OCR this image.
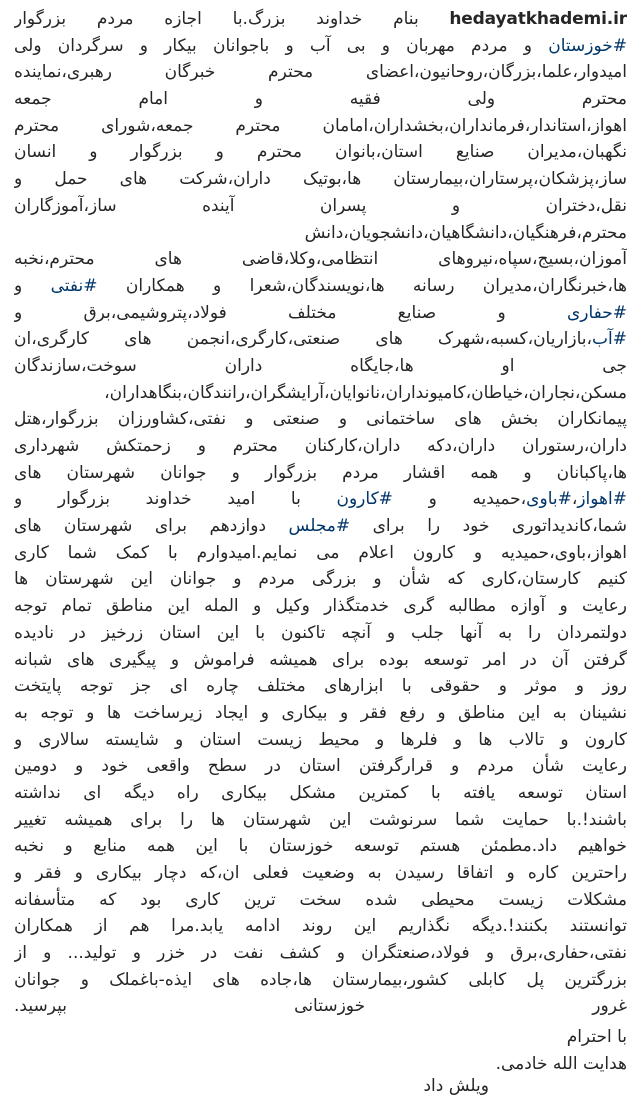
hedayatkhademi.ir بنام خداوند بزرگ.با اجازه مردم بزرگوار
#خوزستان و مردم مهربان و بی آب و باجوانان بیکار و سرگردان ولی
امیدوار،علما،بزرگان،روحانیون،اعضای محترم خبرگان رهبری،نماینده
محترم ولی فقیه و امام جمعه
اهواز،استاندار،فرمانداران،بخشداران،امامان محترم جمعه،شورای محترم
نگهبان،مدیران صنایع استان،بانوان محترم و بزرگوار و انسان
ساز،پزشکان،پرستاران،بیمارستان ها،بوتیک داران،شرکت های حمل و
نقل،دختران و پسران آینده ساز،آموزگاران
محترم،فرهنگیان،دانشگاهیان،دانشجویان،دانش
آموزان،بسیج،سپاه،نیروهای انتظامی،وکلا،قاضی های محترم،نخبه
ها،خبرنگاران،مدیران رسانه ها،نویسندگان،شعرا و همکاران #نفتی و
#حفاری و صنایع مختلف فولاد،پتروشیمی،برق و
#آب،بازاریان،کسبه،شهرک های صنعتی،کارگری،انجمن های کارگری،ان
جی او ها،جایگاه داران سوخت،سازندگان
مسکن،نجاران،خیاطان،کامیونداران،نانوایان،آرایشگران،رانندگان،بنگاهداران،
پیمانکاران بخش های ساختمانی و صنعتی و نفتی،کشاورزان بزرگوار،هتل
داران،رستوران داران،دکه داران،کارکنان محترم و زحمتکش شهرداری
ها،پاکبانان و همه اقشار مردم بزرگوار و جوانان شهرستان های
#اهواز،#باوی،حمیدیه و #کارون با امید خداوند بزرگوار و
شما،کاندیداتوری خود را برای #مجلس دوازدهم برای شهرستان های
اهواز،باوی،حمیدیه و کارون اعلام می نمایم.امیدوارم با کمک شما کاری
کنیم کارستان،کاری که شأن و بزرگی مردم و جوانان این شهرستان ها
رعایت و آوازه مطالبه گری خدمتگذار وکیل و المله این مناطق تمام توجه
دولتمردان را به آنها جلب و آنچه تاکنون با این استان زرخیز در نادیده
گرفتن آن در امر توسعه بوده برای همیشه فراموش و پیگیری های شبانه
روز و موثر و حقوقی با ابزارهای مختلف چاره ای جز توجه پایتخت
نشینان به این مناطق و رفع فقر و بیکاری و ایجاد زیرساخت ها و توجه به
کارون و تالاب ها و فلرها و محیط زیست استان و شایسته سالاری و
رعایت شأن مردم و قرارگرفتن استان در سطح واقعی خود و دومین
استان توسعه یافته با کمترین مشکل بیکاری راه دیگه ای نداشته
باشند!.با حمایت شما سرنوشت این شهرستان ها را برای همیشه تغییر
خواهیم داد.مطمئن هستم توسعه خوزستان با این همه منابع و نخبه
راحترین کاره و اتفاقا رسیدن به وضعیت فعلی ان،که دچار بیکاری و فقر و
مشکلات زیست محیطی شده سخت ترین کاری بود که متأسفانه
توانستند بکنند!.دیگه نگذاریم این روند ادامه یابد.مرا هم از همکاران
نفتی،حفاری،برق و فولاد،صنعتگران و کشف نفت در خزر و تولید... و از
بزرگترین پل کابلی کشور،بیمارستان ها،جاده های ایذه-باغملک و جوانان
غرور خوزستانی بپرسید.
با احترام
هدایت الله خادمی.
ویلش داد
